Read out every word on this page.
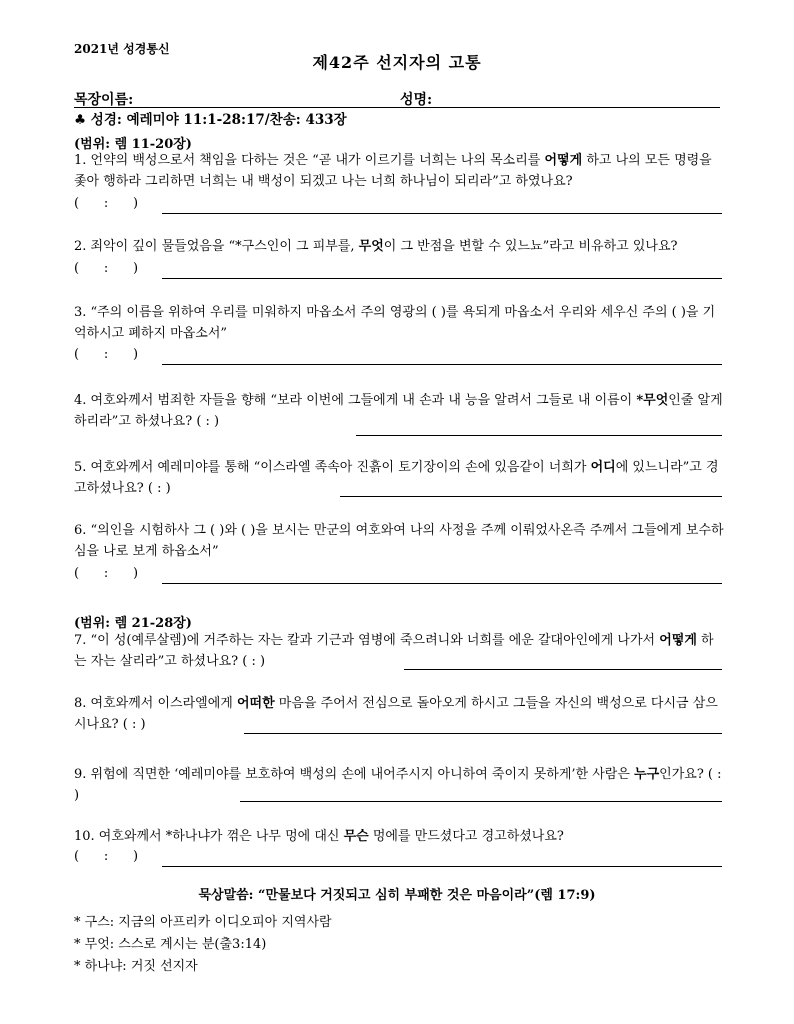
2021년 성경통신
제42주 선지자의 고통
목장이름:	성명:
♣ 성경: 예레미야 11:1-28:17/찬송: 433장
(범위: 렘 11-20장)
1. 언약의 백성으로서 책임을 다하는 것은 “곧 내가 이르기를 너희는 나의 목소리를 어떻게 하고 나의 모든 명령을 좇아 행하라 그리하면 너희는 내 백성이 되겠고 나는 너희 하나님이 되리라”고 하였나요?
(      :      )
2. 죄악이 깊이 물들었음을 “*구스인이 그 피부를, 무엇이 그 반점을 변할 수 있느뇨”라고 비유하고 있나요?
(      :      )
3. “주의 이름을 위하여 우리를 미워하지 마옵소서 주의 영광의 ( )를 욕되게 마옵소서 우리와 세우신 주의 ( )을 기억하시고 폐하지 마옵소서”
(      :      )
4. 여호와께서 범죄한 자들을 향해 “보라 이번에 그들에게 내 손과 내 능을 알려서 그들로 내 이름이 *무엇인줄 알게 하리라”고 하셨나요? ( : )
5. 여호와께서 예레미야를 통해 “이스라엘 족속아 진흙이 토기장이의 손에 있음같이 너희가 어디에 있느니라”고 경고하셨나요? ( : )
6. “의인을 시험하사 그 ( )와 ( )을 보시는 만군의 여호와여 나의 사정을 주께 이뤄었사온즉 주께서 그들에게 보수하심을 나로 보게 하옵소서”
(      :      )
(범위: 렘 21-28장)
7. “이 성(예루살렘)에 거주하는 자는 칼과 기근과 염병에 죽으려니와 너희를 에운 갈대아인에게 나가서 어떻게 하는 자는 살리라”고 하셨나요? ( : )
8. 여호와께서 이스라엘에게 어떠한 마음을 주어서 전심으로 돌아오게 하시고 그들을 자신의 백성으로 다시금 삼으시나요? ( : )
9. 위험에 직면한 ‘예레미야를 보호하여 백성의 손에 내어주시지 아니하여 죽이지 못하게’한 사람은 누구인가요? ( : )
10. 여호와께서 *하나냐가 꺾은 나무 멍에 대신 무슨 멍에를 만드셨다고 경고하셨나요?
(      :      )
묵상말씀: “만물보다 거짓되고 심히 부패한 것은 마음이라”(렘 17:9)
* 구스: 지금의 아프리카 이디오피아 지역사람
* 무엇: 스스로 계시는 분(출3:14)
* 하나냐: 거짓 선지자
